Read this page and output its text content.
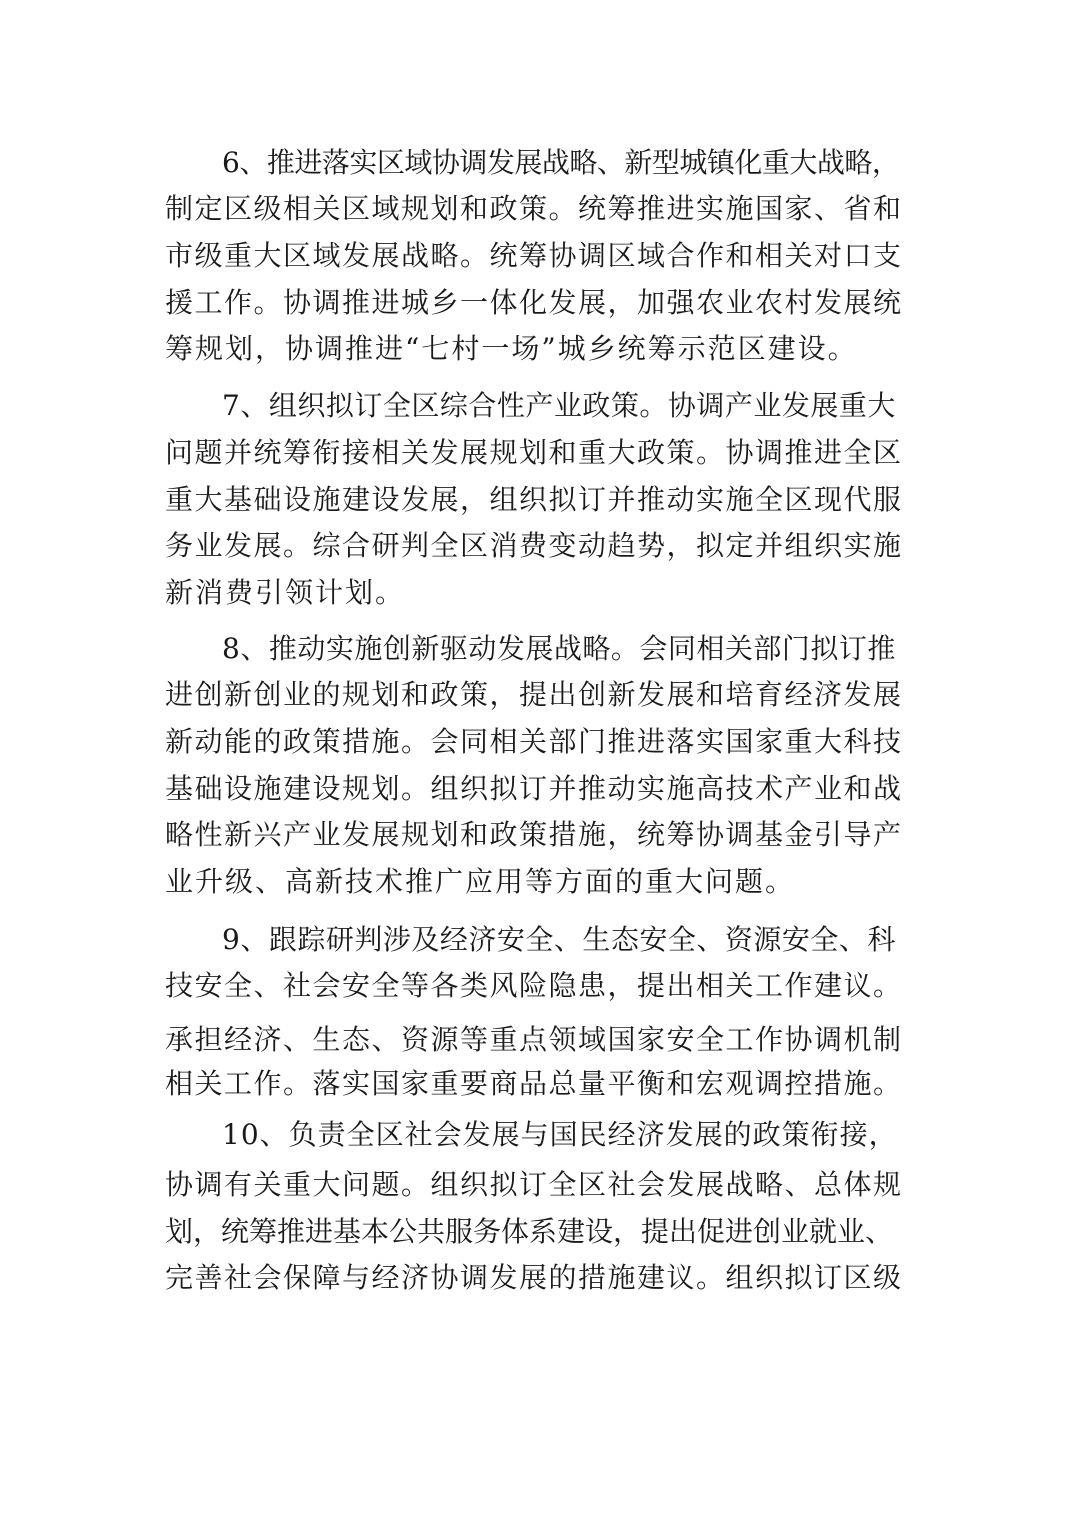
6、推进落实区域协调发展战略、新型城镇化重大战略，
制定区级相关区域规划和政策。统筹推进实施国家、省和
市级重大区域发展战略。统筹协调区域合作和相关对口支
援工作。协调推进城乡一体化发展，加强农业农村发展统
筹规划，协调推进“七村一场”城乡统筹示范区建设。
7、组织拟订全区综合性产业政策。协调产业发展重大
问题并统筹衔接相关发展规划和重大政策。协调推进全区
重大基础设施建设发展，组织拟订并推动实施全区现代服
务业发展。综合研判全区消费变动趋势，拟定并组织实施
新消费引领计划。
8、推动实施创新驱动发展战略。会同相关部门拟订推
进创新创业的规划和政策，提出创新发展和培育经济发展
新动能的政策措施。会同相关部门推进落实国家重大科技
基础设施建设规划。组织拟订并推动实施高技术产业和战
略性新兴产业发展规划和政策措施，统筹协调基金引导产
业升级、高新技术推广应用等方面的重大问题。
9、跟踪研判涉及经济安全、生态安全、资源安全、科
技安全、社会安全等各类风险隐患，提出相关工作建议。
承担经济、生态、资源等重点领域国家安全工作协调机制
相关工作。落实国家重要商品总量平衡和宏观调控措施。
10、负责全区社会发展与国民经济发展的政策衔接，
协调有关重大问题。组织拟订全区社会发展战略、总体规
划，统筹推进基本公共服务体系建设，提出促进创业就业、
完善社会保障与经济协调发展的措施建议。组织拟订区级
